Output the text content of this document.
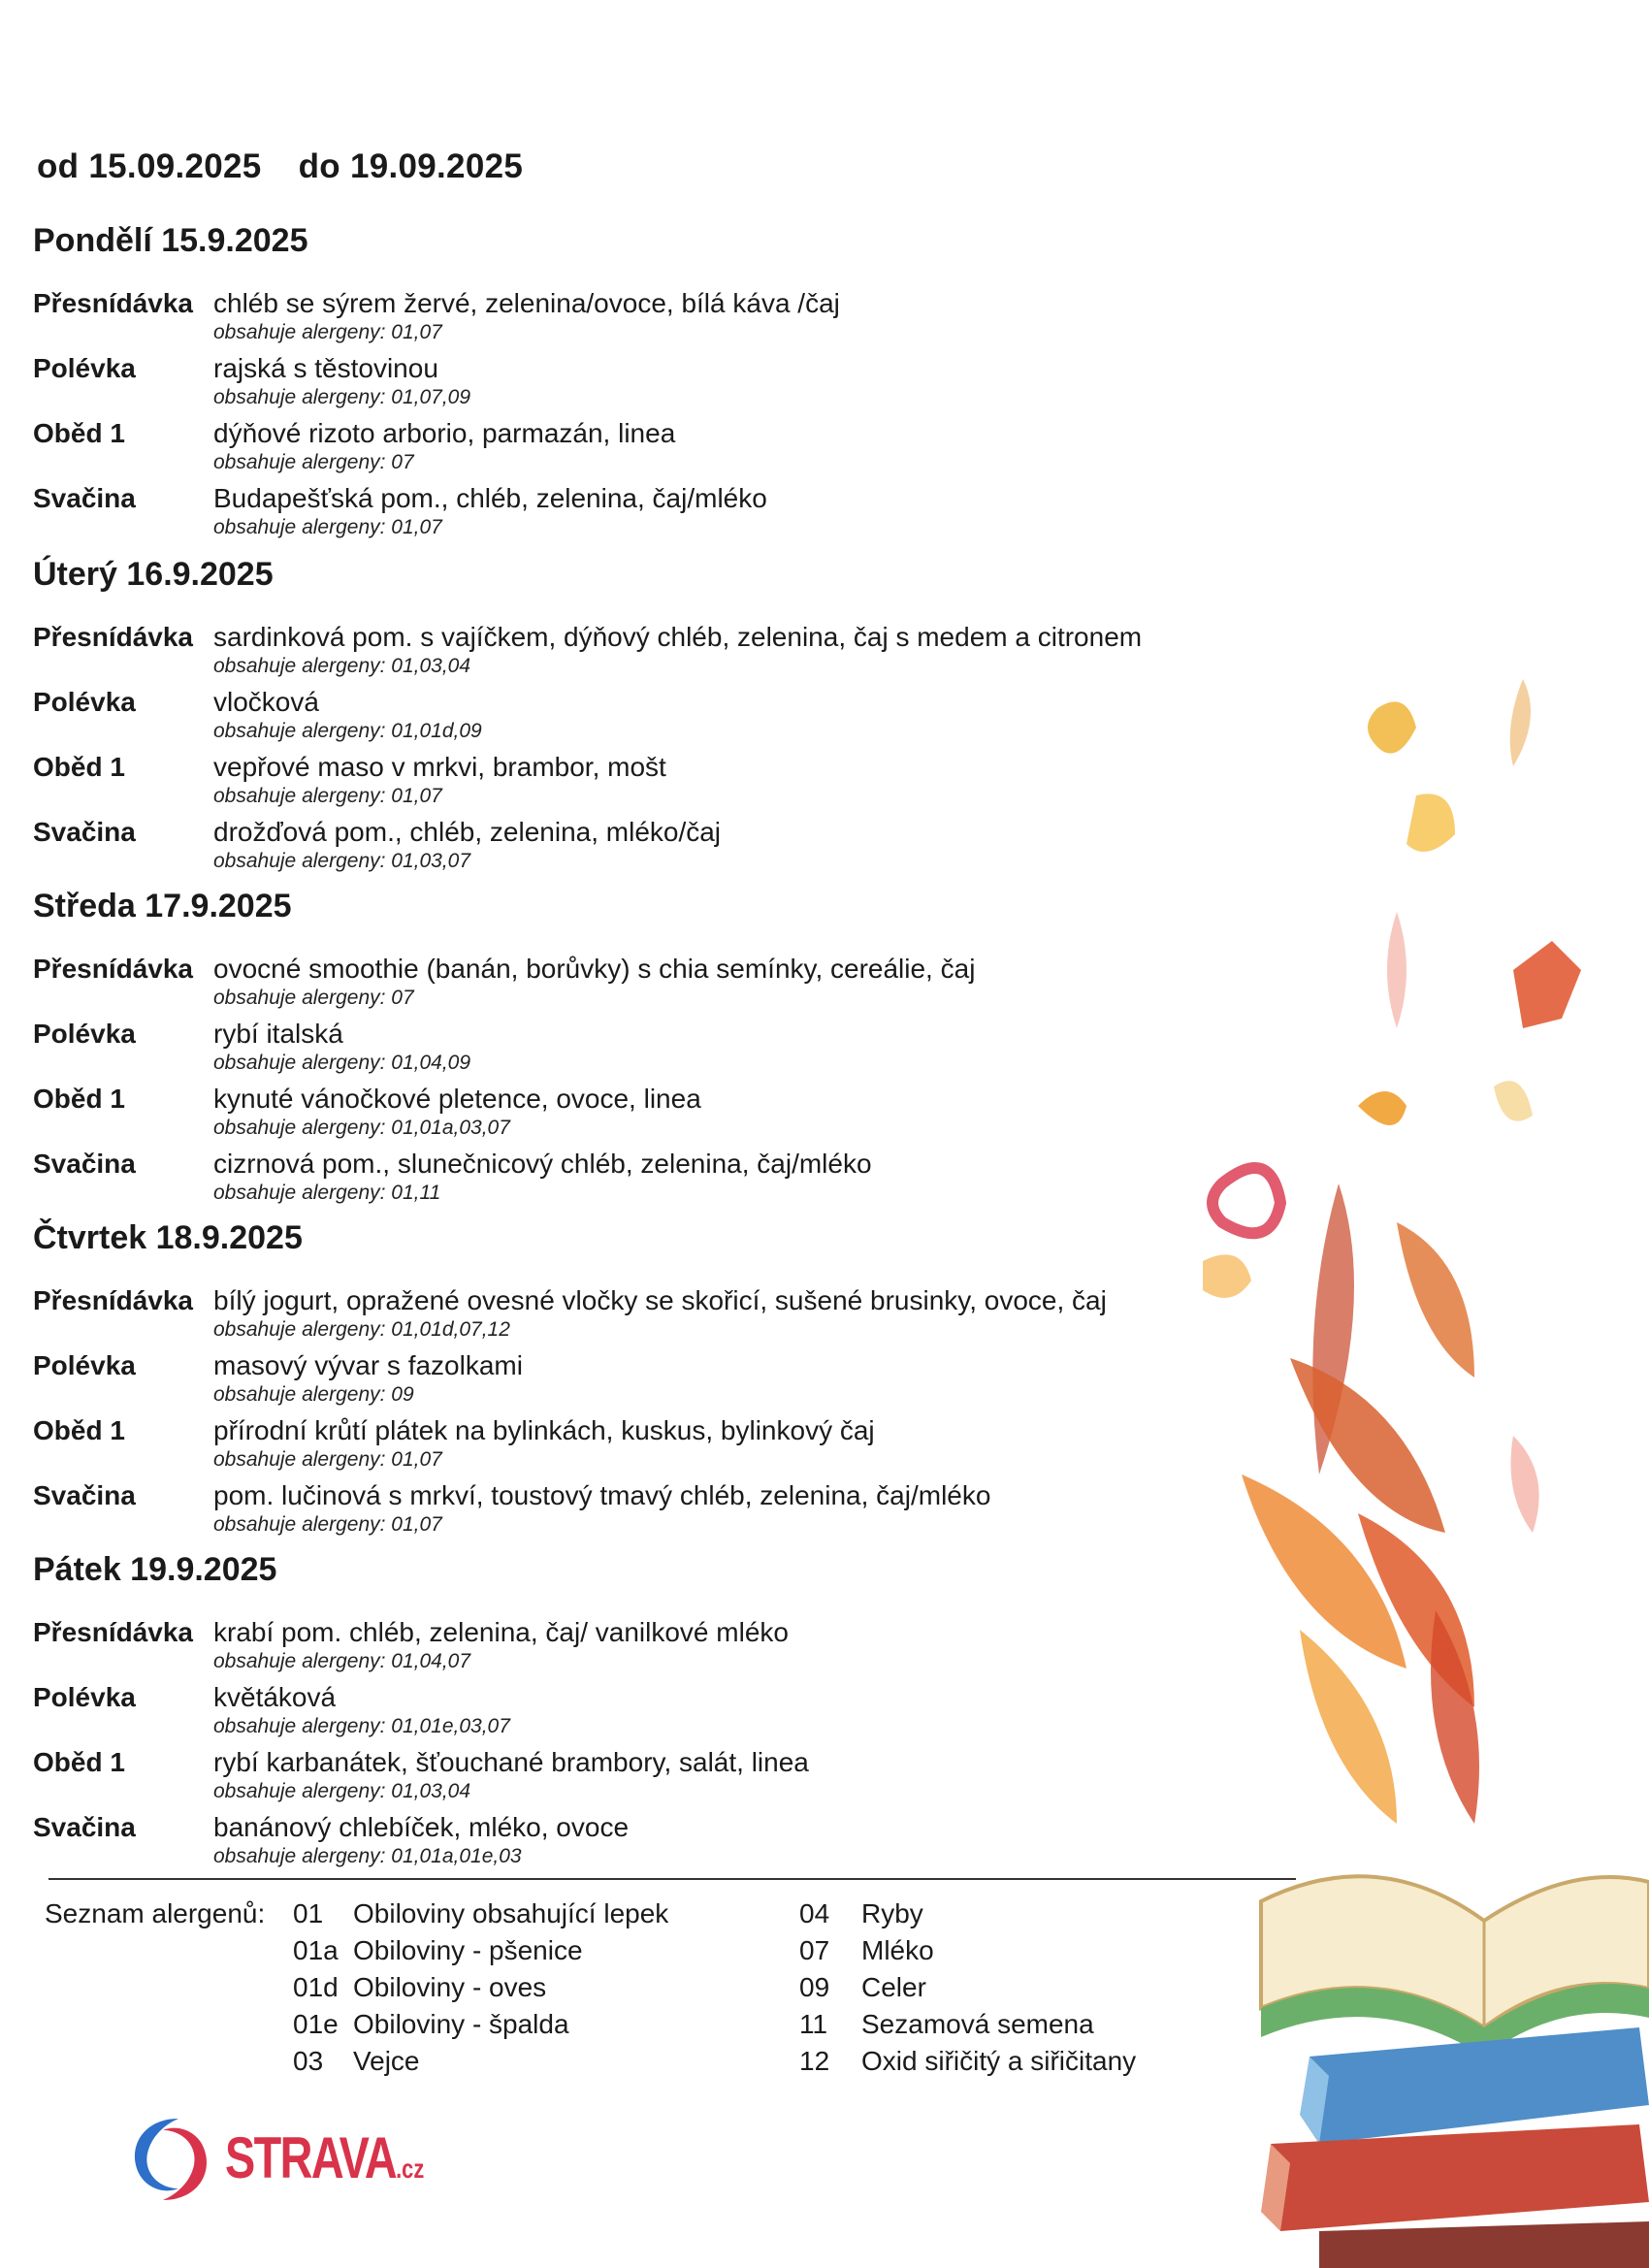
od 15.09.2025 do 19.09.2025
Pondělí 15.9.2025
Přesnídávka chléb se sýrem žervé, zelenina/ovoce, bílá káva /čaj
obsahuje alergeny: 01,07
Polévka	rajská s těstovinou
obsahuje alergeny: 01,07,09
Oběd 1	dýňové rizoto arborio, parmazán, linea
obsahuje alergeny: 07
Svačina	Budapešťská pom., chléb, zelenina, čaj/mléko
obsahuje alergeny: 01,07
Úterý 16.9.2025
Přesnídávka sardinková pom. s vajíčkem, dýňový chléb, zelenina, čaj s medem a citronem
obsahuje alergeny: 01,03,04
Polévka	vločková
obsahuje alergeny: 01,01d,09
Oběd 1	vepřové maso v mrkvi, brambor, mošt
obsahuje alergeny: 01,07
Svačina	drožďová pom., chléb, zelenina, mléko/čaj
obsahuje alergeny: 01,03,07
Středa 17.9.2025
Přesnídávka ovocné smoothie (banán, borůvky) s chia semínky, cereálie, čaj
obsahuje alergeny: 07
Polévka	rybí italská
obsahuje alergeny: 01,04,09
Oběd 1	kynuté vánočkové pletence, ovoce, linea
obsahuje alergeny: 01,01a,03,07
Svačina	cizrnová pom., slunečnicový chléb, zelenina, čaj/mléko
obsahuje alergeny: 01,11
Čtvrtek 18.9.2025
Přesnídávka bílý jogurt, opražené ovesné vločky se skořicí, sušené brusinky, ovoce, čaj
obsahuje alergeny: 01,01d,07,12
Polévka	masový vývar s fazolkami
obsahuje alergeny: 09
Oběd 1	přírodní krůtí plátek na bylinkách, kuskus, bylinkový čaj
obsahuje alergeny: 01,07
Svačina	pom. lučinová s mrkví, toustový tmavý chléb, zelenina, čaj/mléko
obsahuje alergeny: 01,07
Pátek 19.9.2025
Přesnídávka krabí pom. chléb, zelenina, čaj/ vanilkové mléko
obsahuje alergeny: 01,04,07
Polévka	květáková
obsahuje alergeny: 01,01e,03,07
Oběd 1	rybí karbanátek, šťouchané brambory, salát, linea
obsahuje alergeny: 01,03,04
Svačina	banánový chlebíček, mléko, ovoce
obsahuje alergeny: 01,01a,01e,03
Seznam alergenů: 01 Obiloviny obsahující lepek
01a Obiloviny - pšenice
01d Obiloviny - oves
01e Obiloviny - špalda
03 Vejce
04 Ryby
07 Mléko
09 Celer
11 Sezamová semena
12 Oxid siřičitý a siřičitany
STRAVA.cz
